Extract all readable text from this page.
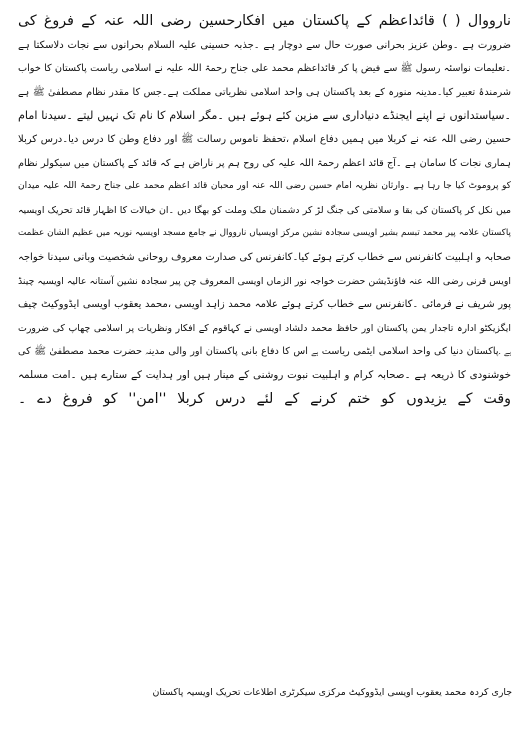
نارووال ( ) قائداعظم کے پاکستان میں افکارحسین رضی اللہ عنہ کے فروغ کی
ضرورت ہے ۔وطن عزیز بحرانی صورت حال سے دوچار ہے ۔جذبہ حسینی علیہ السلام بحرانوں سے نجات دلاسکتا ہے
۔تعلیمات نواسئہ رسول ﷺ سے فیض پا کر قائداعظم محمد علی جناح رحمۃ اللہ علیہ نے اسلامی ریاست پاکستان کا خواب
شرمندۂ تعبیر کیا۔مدینہ منورہ کے بعد پاکستان ہی واحد اسلامی نظریاتی مملکت ہے۔جس کا مقدر نظام مصطفیٰ ﷺ ہے
۔سیاستدانوں نے اپنے ایجنڈے دنیاداری سے مزین کئے ہوئے ہیں ۔مگر اسلام کا نام تک نہیں لیتے ۔سیدنا امام
حسین رضی اللہ عنہ نے کربلا میں ہمیں دفاع اسلام ،تحفظ ناموس رسالت ﷺ اور دفاع وطن کا درس دیا۔درس کربلا
ہماری نجات کا سامان ہے ۔آج قائد اعظم رحمۃ اللہ علیہ کی روح ہم پر ناراض ہے کہ قائد کے پاکستان میں سیکولر نظام
کو پروموٹ کیا جا رہا ہے ۔وارثان نظریہ امام حسین رضی اللہ عنہ اور محبان قائد اعظم محمد علی جناح رحمۃ اللہ علیہ میدان
میں نکل کر پاکستان کی بقا و سلامتی کی جنگ لڑ کر دشمنان ملک وملت کو بھگا دیں ۔ان خیالات کا اظہار قائد تحریک اویسیہ
پاکستان علامہ پیر محمد تبسم بشیر اویسی سجادہ نشین مرکز اویسیاں نارووال نے جامع مسجد اویسیہ نوریہ میں عظیم الشان عظمت
صحابہ و اہلبیت کانفرنس سے خطاب کرتے ہوئے کیا۔کانفرنس کی صدارت معروف روحانی شخصیت وبانی سیدنا خواجہ
اویس قرنی رضی اللہ عنہ فاؤنڈیشن حضرت خواجہ نور الزماں اویسی المعروف چن پیر سجادہ نشین آستانہ عالیہ اویسیہ چینڈ
پور شریف نے فرمائی ۔کانفرنس سے خطاب کرتے ہوئے علامہ محمد زاہد اویسی ،محمد یعقوب اویسی ایڈووکیٹ چیف
ایگزیکٹو ادارہ تاجدار یمن پاکستان اور حافظ محمد دلشاد اویسی نے کہاقوم کے افکار ونظریات پر اسلامی چھاپ کی ضرورت
ہے ۔پاکستان دنیا کی واحد اسلامی ایٹمی ریاست ہے اس کا دفاع بانی پاکستان اور والی مدینہ حضرت محمد مصطفیٰ ﷺ کی
خوشنودی کا ذریعہ ہے ۔صحابہ کرام و اہلبیت نبوت روشنی کے مینار ہیں اور ہدایت کے ستارے ہیں ۔امت مسلمہ
وقت کے یزیدوں کو ختم کرنے کے لئے درس کربلا ''امن'' کو فروغ دے ۔
جاری کردہ محمد یعقوب اویسی ایڈووکیٹ مرکزی سیکرٹری اطلاعات تحریک اویسیہ پاکستان
